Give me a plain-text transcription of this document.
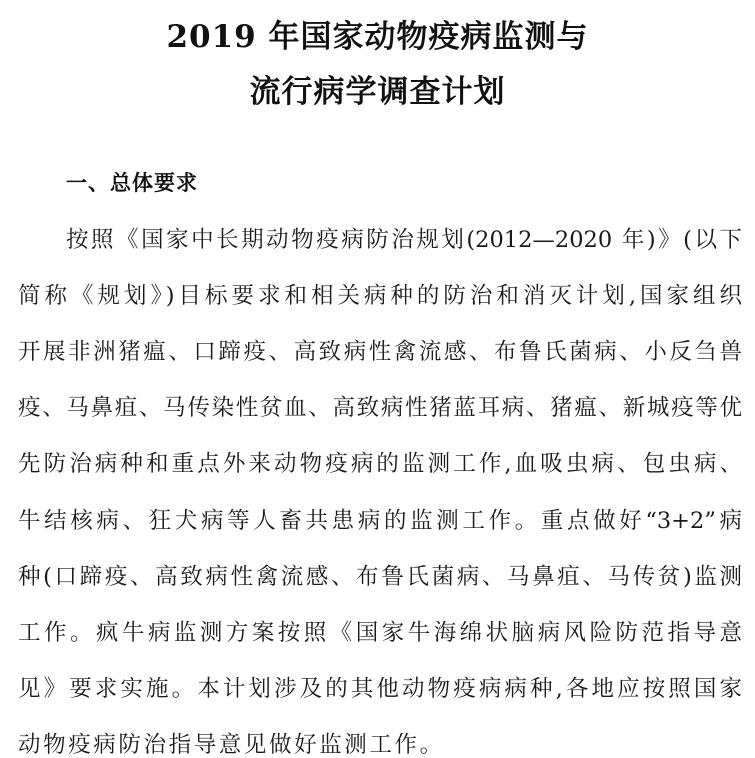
2019 年国家动物疫病监测与
流行病学调查计划
一、总体要求
按照《国家中长期动物疫病防治规划(2012—2020 年)》(以下
简称《规划》)目标要求和相关病种的防治和消灭计划,国家组织
开展非洲猪瘟、口蹄疫、高致病性禽流感、布鲁氏菌病、小反刍兽
疫、马鼻疽、马传染性贫血、高致病性猪蓝耳病、猪瘟、新城疫等优
先防治病种和重点外来动物疫病的监测工作,血吸虫病、包虫病、
牛结核病、狂犬病等人畜共患病的监测工作。重点做好“3+2”病
种(口蹄疫、高致病性禽流感、布鲁氏菌病、马鼻疽、马传贫)监测
工作。疯牛病监测方案按照《国家牛海绵状脑病风险防范指导意
见》要求实施。本计划涉及的其他动物疫病病种,各地应按照国家
动物疫病防治指导意见做好监测工作。
